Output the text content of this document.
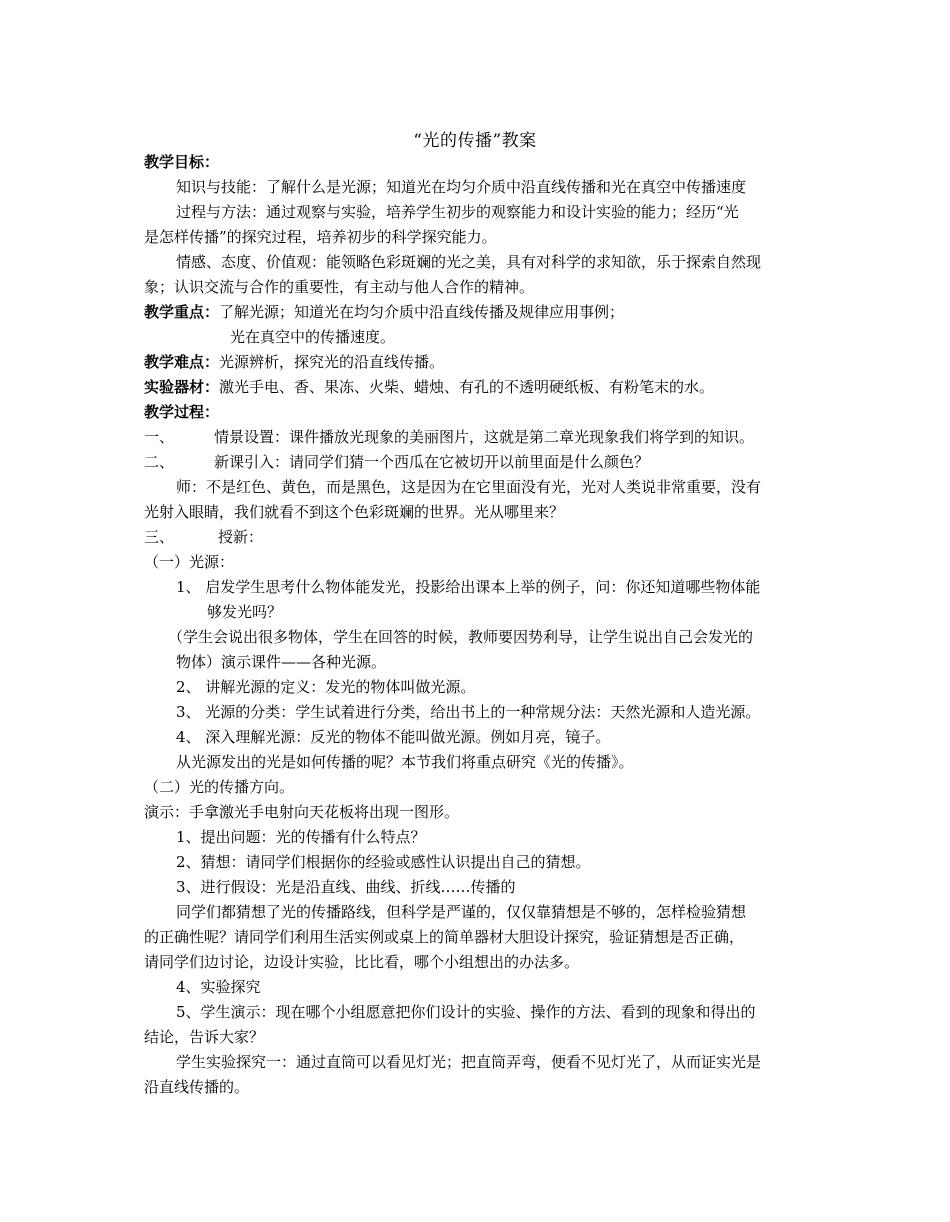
“光的传播”教案
教学目标：
知识与技能：了解什么是光源；知道光在均匀介质中沿直线传播和光在真空中传播速度
过程与方法：通过观察与实验，培养学生初步的观察能力和设计实验的能力；经历“光
是怎样传播”的探究过程，培养初步的科学探究能力。
情感、态度、价值观：能领略色彩斑斓的光之美，具有对科学的求知欲，乐于探索自然现
象；认识交流与合作的重要性，有主动与他人合作的精神。
教学重点：了解光源；知道光在均匀介质中沿直线传播及规律应用事例；
光在真空中的传播速度。
教学难点：光源辨析，探究光的沿直线传播。
实验器材：激光手电、香、果冻、火柴、蜡烛、有孔的不透明硬纸板、有粉笔末的水。
教学过程：
一、	情景设置：课件播放光现象的美丽图片，这就是第二章光现象我们将学到的知识。
二、	新课引入：请同学们猜一个西瓜在它被切开以前里面是什么颜色？
师：不是红色、黄色，而是黑色，这是因为在它里面没有光，光对人类说非常重要，没有
光射入眼睛，我们就看不到这个色彩斑斓的世界。光从哪里来？
三、	授新：
（一）光源：
1、 启发学生思考什么物体能发光，投影给出课本上举的例子，问：你还知道哪些物体能
够发光吗？
（学生会说出很多物体，学生在回答的时候，教师要因势利导，让学生说出自己会发光的
物体）演示课件——各种光源。
2、 讲解光源的定义：发光的物体叫做光源。
3、 光源的分类：学生试着进行分类，给出书上的一种常规分法：天然光源和人造光源。
4、 深入理解光源：反光的物体不能叫做光源。例如月亮，镜子。
从光源发出的光是如何传播的呢？本节我们将重点研究《光的传播》。
（二）光的传播方向。
演示：手拿激光手电射向天花板将出现一图形。
1、提出问题：光的传播有什么特点？
2、猜想：请同学们根据你的经验或感性认识提出自己的猜想。
3、进行假设：光是沿直线、曲线、折线……传播的
同学们都猜想了光的传播路线，但科学是严谨的，仅仅靠猜想是不够的，怎样检验猜想
的正确性呢？请同学们利用生活实例或桌上的简单器材大胆设计探究，验证猜想是否正确，
请同学们边讨论，边设计实验，比比看，哪个小组想出的办法多。
4、实验探究
5、学生演示：现在哪个小组愿意把你们设计的实验、操作的方法、看到的现象和得出的
结论，告诉大家？
学生实验探究一：通过直筒可以看见灯光；把直筒弄弯，便看不见灯光了，从而证实光是
沿直线传播的。
